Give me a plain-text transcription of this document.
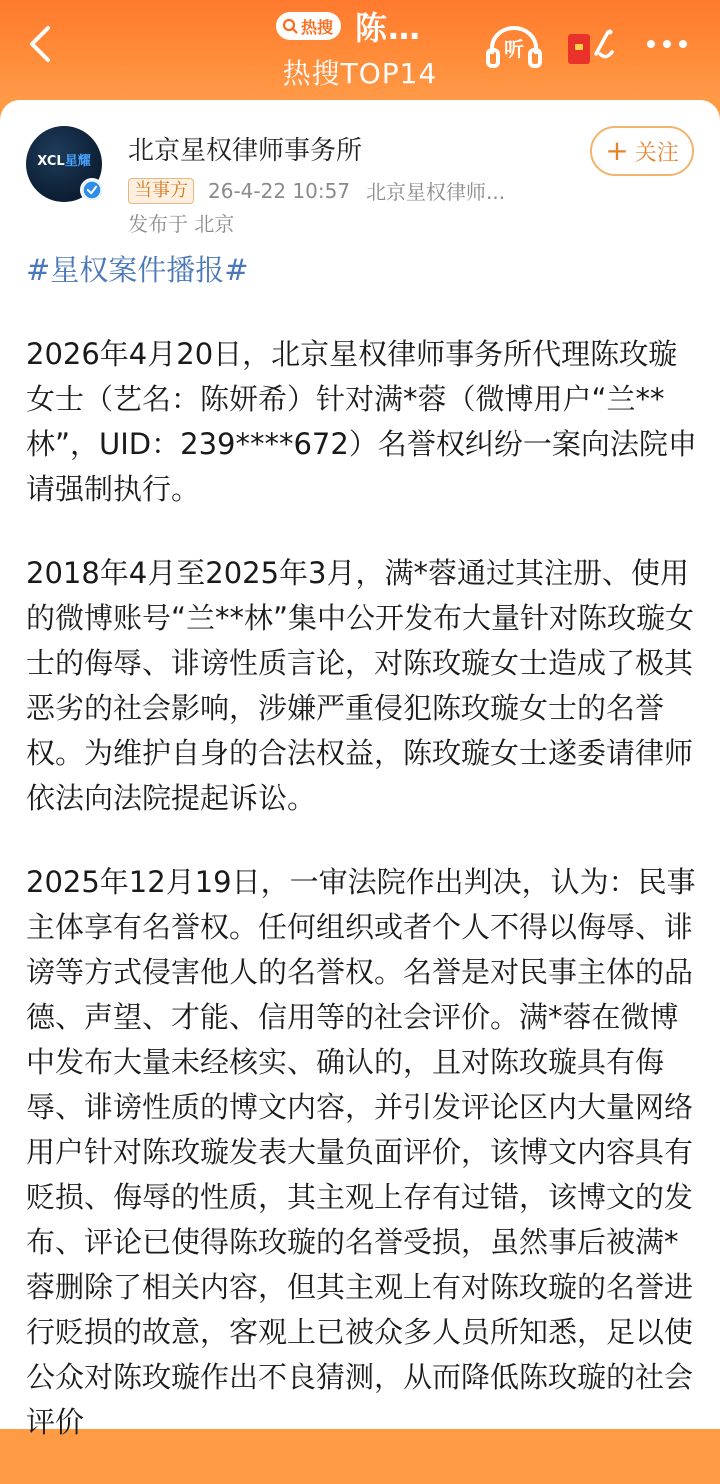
热搜 陈…
热搜TOP14
听
XCL星耀 北京星权律师事务所
当事方	26-4-22 10:57 北京星权律师...
发布于 北京
+ 关注
#星权案件播报#

2026年4月20日，北京星权律师事务所代理陈玫璇女士（艺名：陈妍希）针对满*蓉（微博用户“兰**林”，UID：239****672）名誉权纠纷一案向法院申请强制执行。

2018年4月至2025年3月，满*蓉通过其注册、使用的微博账号“兰**林”集中公开发布大量针对陈玫璇女士的侮辱、诽谤性质言论，对陈玫璇女士造成了极其恶劣的社会影响，涉嫌严重侵犯陈玫璇女士的名誉权。为维护自身的合法权益，陈玫璇女士遂委请律师依法向法院提起诉讼。

2025年12月19日，一审法院作出判决，认为：民事主体享有名誉权。任何组织或者个人不得以侮辱、诽谤等方式侵害他人的名誉权。名誉是对民事主体的品德、声望、才能、信用等的社会评价。满*蓉在微博中发布大量未经核实、确认的，且对陈玫璇具有侮辱、诽谤性质的博文内容，并引发评论区内大量网络用户针对陈玫璇发表大量负面评价，该博文内容具有贬损、侮辱的性质，其主观上存有过错，该博文的发布、评论已使得陈玫璇的名誉受损，虽然事后被满*蓉删除了相关内容，但其主观上有对陈玫璇的名誉进行贬损的故意，客观上已被众多人员所知悉，足以使公众对陈玫璇作出不良猜测，从而降低陈玫璇的社会评价
